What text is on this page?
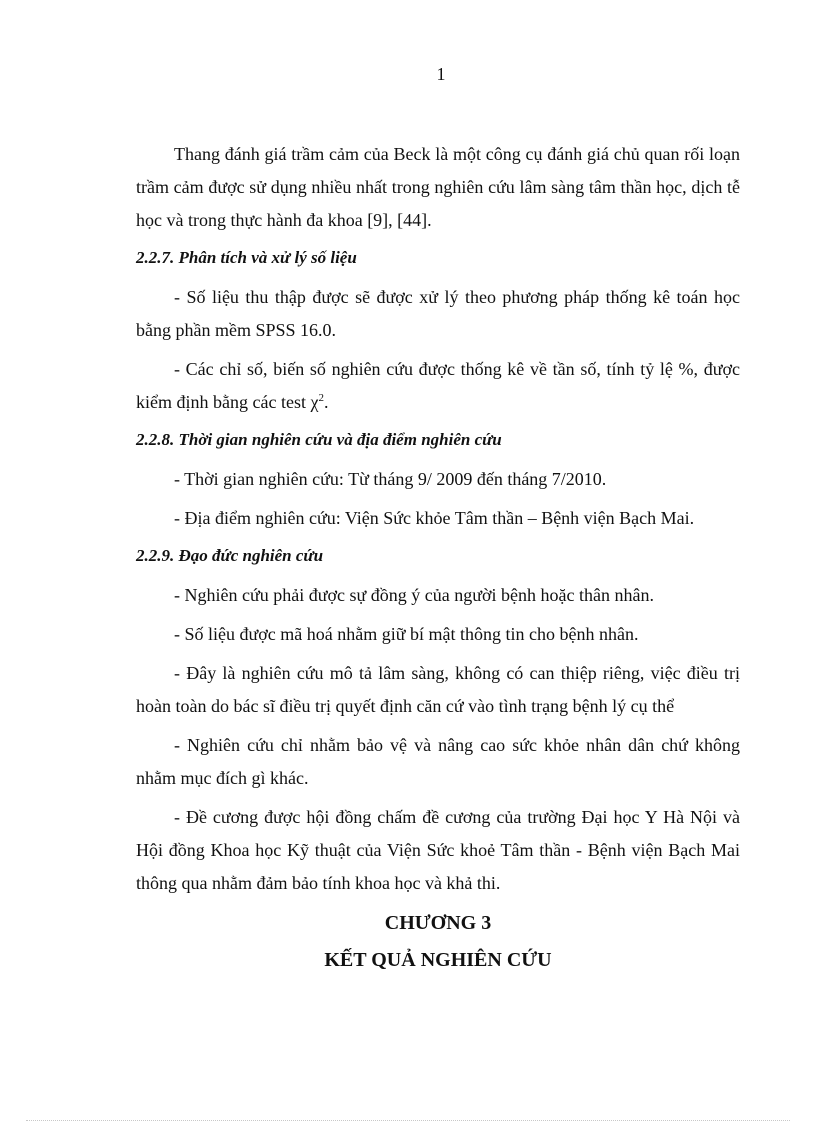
1

Thang đánh giá trầm cảm của Beck là một công cụ đánh giá chủ quan rối loạn trầm cảm được sử dụng nhiều nhất trong nghiên cứu lâm sàng tâm thần học, dịch tễ học và trong thực hành đa khoa [9], [44].

2.2.7. Phân tích và xử lý số liệu

- Số liệu thu thập được sẽ được xử lý theo phương pháp thống kê toán học bằng phần mềm SPSS 16.0.

- Các chỉ số, biến số nghiên cứu được thống kê về tần số, tính tỷ lệ %, được kiểm định bằng các test $\chi^2$.

2.2.8. Thời gian nghiên cứu và địa điểm nghiên cứu

- Thời gian nghiên cứu: Từ tháng 9/ 2009 đến tháng 7/2010.

- Địa điểm nghiên cứu: Viện Sức khỏe Tâm thần – Bệnh viện Bạch Mai.

2.2.9. Đạo đức nghiên cứu

- Nghiên cứu phải được sự đồng ý của người bệnh hoặc thân nhân.

- Số liệu được mã hoá nhằm giữ bí mật thông tin cho bệnh nhân.

- Đây là nghiên cứu mô tả lâm sàng, không có can thiệp riêng, việc điều trị hoàn toàn do bác sĩ điều trị quyết định căn cứ vào tình trạng bệnh lý cụ thể

- Nghiên cứu chỉ nhằm bảo vệ và nâng cao sức khỏe nhân dân chứ không nhằm mục đích gì khác.

- Đề cương được hội đồng chấm đề cương của trường Đại học Y Hà Nội và Hội đồng Khoa học Kỹ thuật của Viện Sức khoẻ Tâm thần - Bệnh viện Bạch Mai thông qua nhằm đảm bảo tính khoa học và khả thi.

CHƯƠNG 3

KẾT QUẢ NGHIÊN CỨU
